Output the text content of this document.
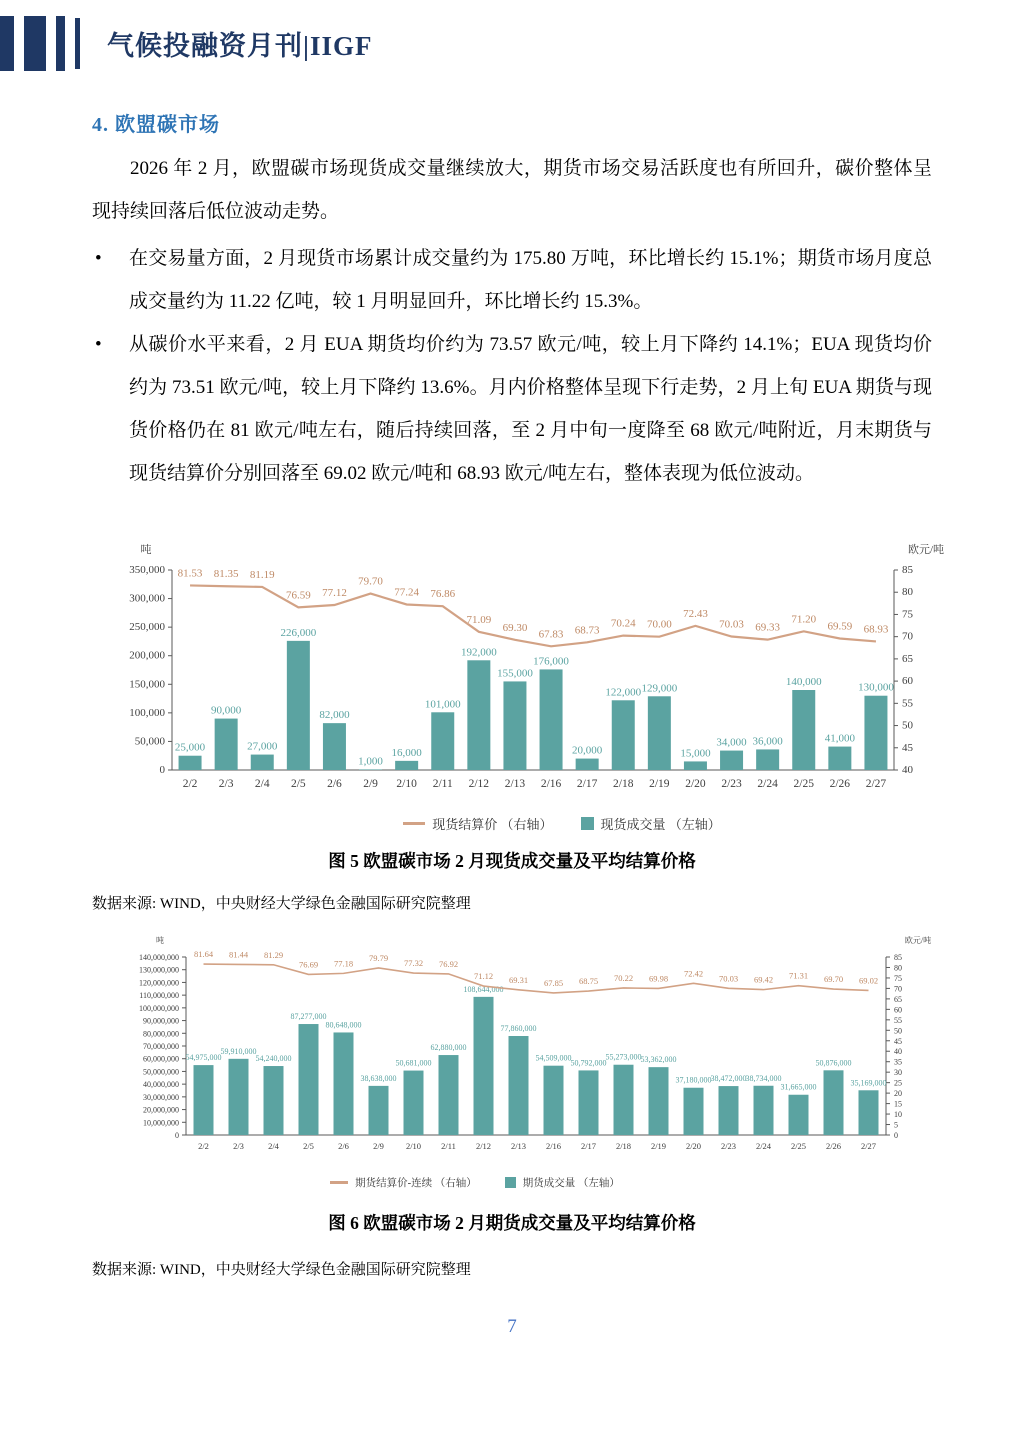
气候投融资月刊|IIGF
4. 欧盟碳市场

2026 年 2 月，欧盟碳市场现货成交量继续放大，期货市场交易活跃度也有所回升，碳价整体呈现持续回落后低位波动走势。

• 在交易量方面，2 月现货市场累计成交量约为 175.80 万吨，环比增长约 15.1%；期货市场月度总成交量约为 11.22 亿吨，较 1 月明显回升，环比增长约 15.3%。
• 从碳价水平来看，2 月 EUA 期货均价约为 73.57 欧元/吨，较上月下降约 14.1%；EUA 现货均价约为 73.51 欧元/吨，较上月下降约 13.6%。月内价格整体呈现下行走势，2 月上旬 EUA 期货与现货价格仍在 81 欧元/吨左右，随后持续回落，至 2 月中旬一度降至 68 欧元/吨附近，月末期货与现货结算价分别回落至 69.02 欧元/吨和 68.93 欧元/吨左右，整体表现为低位波动。
0
50,000
100,000
150,000
200,000
250,000
300,000
350,000
40
45
50
55
60
65
70
75
80
85
吨	欧元/吨
25,000
2/2
90,000
2/3
27,000
2/4
226,000
2/5
82,000
2/6
1,000
2/9
16,000
2/10
101,000
2/11
192,000
2/12
155,000
2/13
176,000
2/16
20,000
2/17
122,000
2/18
129,000
2/19
15,000
2/20
34,000
2/23
36,000
2/24
140,000
2/25
41,000
2/26
130,000
2/27
81.53 81.35 81.19
76.59 77.12
79.70
77.24 76.86
71.09
69.30
67.83 68.73
70.24 70.00
72.43
70.03 69.33
71.20
69.59 68.93
现货结算价 （右轴）	现货成交量 （左轴）
图 5 欧盟碳市场 2 月现货成交量及平均结算价格
数据来源: WIND，中央财经大学绿色金融国际研究院整理
0
10,000,000
20,000,000
30,000,000
40,000,000
50,000,000
60,000,000
70,000,000
80,000,000
90,000,000
100,000,000
110,000,000
120,000,000
130,000,000
140,000,000
0
5
10
15
20
25
30
35
40
45
50
55
60
65
70
75
80
85
吨	欧元/吨
54,975,000
2/2
59,910,000
2/3
54,240,000
2/4
87,277,000
2/5
80,648,000
2/6
38,638,000
2/9
50,681,000
2/10
62,880,000
2/11
108,644,000
2/12
77,860,000
2/13
54,509,000
2/16
50,792,000
2/17
55,273,000
2/18
53,362,000
2/19
37,180,000
2/20
38,472,000
2/23
38,734,000
2/24
31,665,000
2/25
50,876,000
2/26
35,169,000
2/27
81.64 81.44 81.29
76.69 77.18
79.79
77.32 76.92
71.12 69.31 67.85 68.75 70.22 69.98
72.42
70.03 69.42 71.31 69.70 69.02
期货结算价-连续 （右轴）	期货成交量 （左轴）
图 6 欧盟碳市场 2 月期货成交量及平均结算价格
数据来源: WIND，中央财经大学绿色金融国际研究院整理
7
